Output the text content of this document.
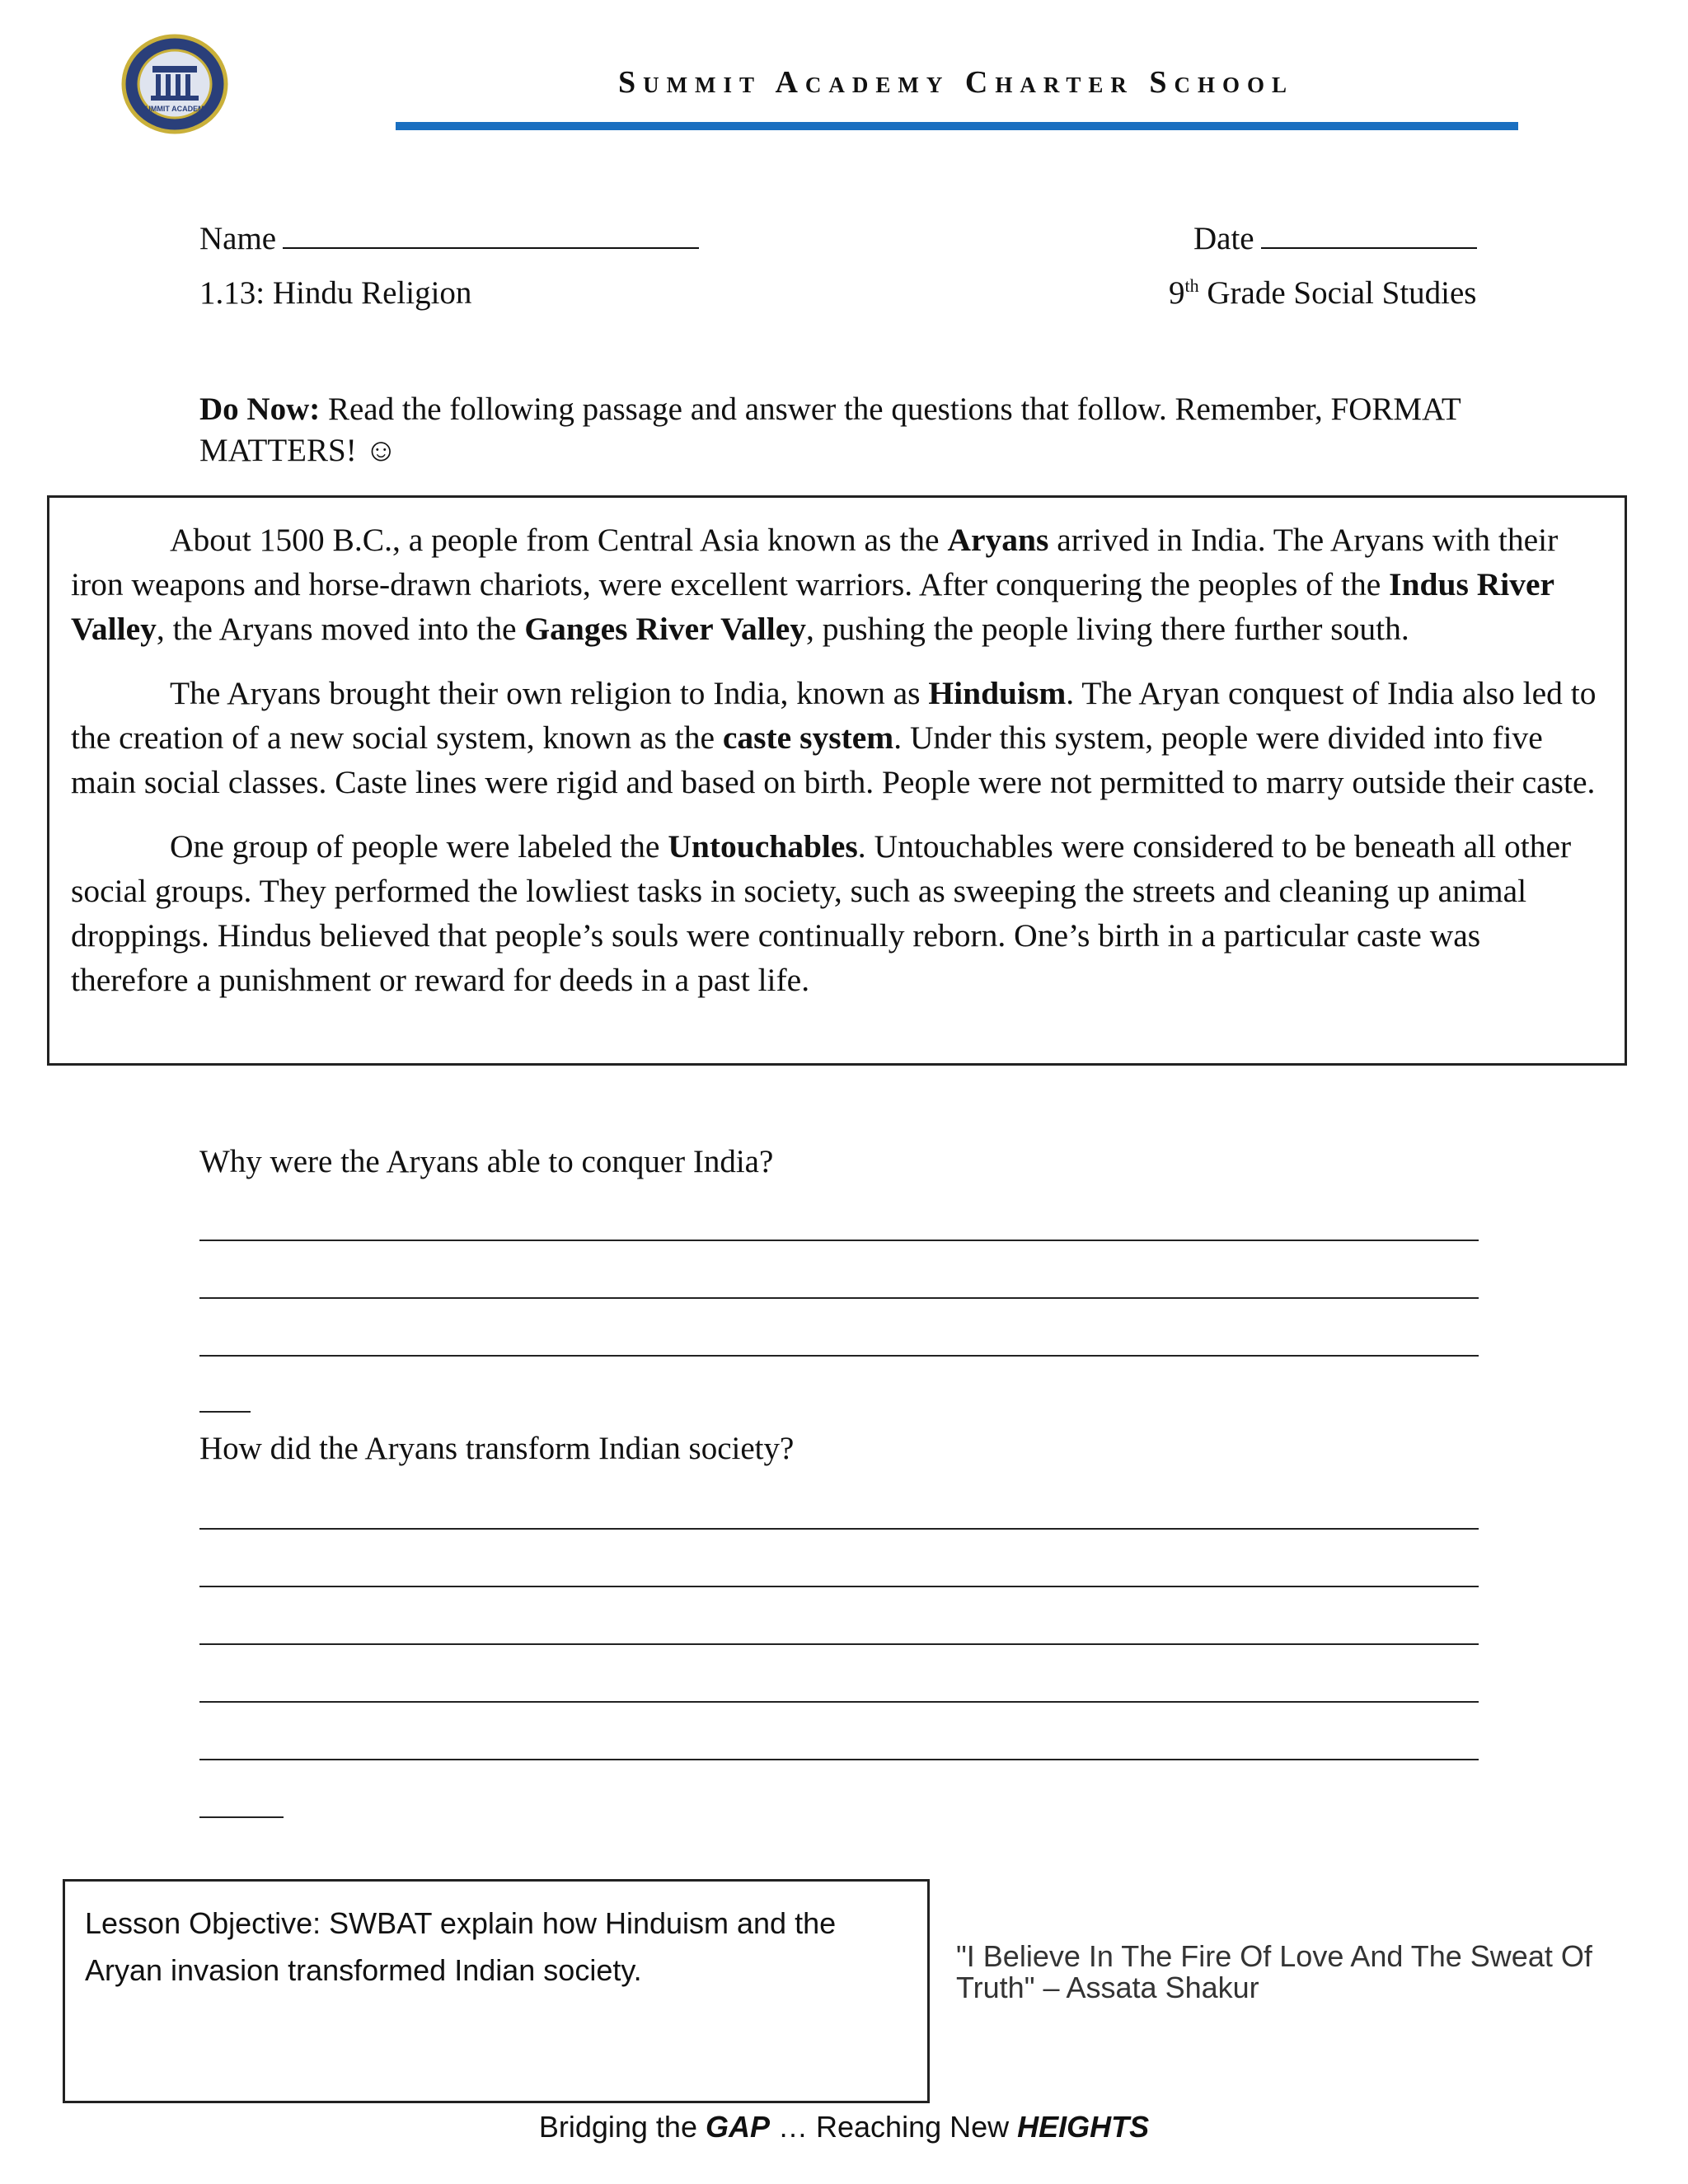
SUMMIT ACADEMY
Summit Academy Charter School
Name	Date
1.13: Hindu Religion	9th Grade Social Studies
Do Now: Read the following passage and answer the questions that follow. Remember, FORMAT MATTERS! ☺

About 1500 B.C., a people from Central Asia known as the Aryans arrived in India. The Aryans with their iron weapons and horse-drawn chariots, were excellent warriors. After conquering the peoples of the Indus River Valley, the Aryans moved into the Ganges River Valley, pushing the people living there further south.

The Aryans brought their own religion to India, known as Hinduism. The Aryan conquest of India also led to the creation of a new social system, known as the caste system. Under this system, people were divided into five main social classes. Caste lines were rigid and based on birth. People were not permitted to marry outside their caste.

One group of people were labeled the Untouchables. Untouchables were considered to be beneath all other social groups. They performed the lowliest tasks in society, such as sweeping the streets and cleaning up animal droppings. Hindus believed that people’s souls were continually reborn. One’s birth in a particular caste was therefore a punishment or reward for deeds in a past life.

Why were the Aryans able to conquer India?
How did the Aryans transform Indian society?
Lesson Objective: SWBAT explain how Hinduism and the Aryan invasion transformed Indian society.	"I Believe In The Fire Of Love And The Sweat Of Truth" – Assata Shakur
Bridging the GAP … Reaching New HEIGHTS
